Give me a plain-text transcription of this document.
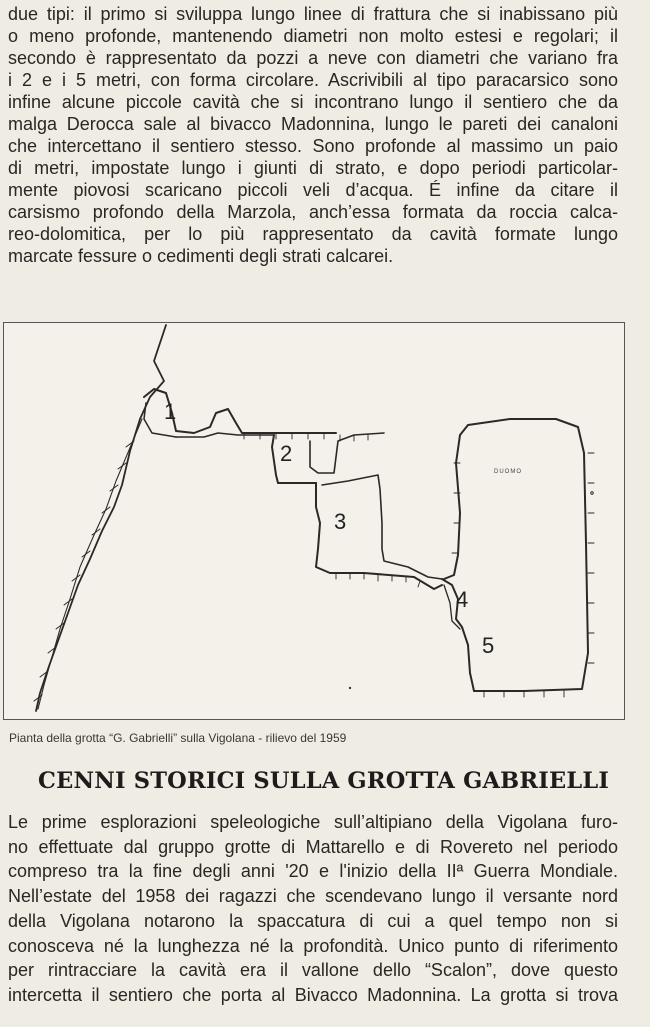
due tipi: il primo si sviluppa lungo linee di frattura che si inabissano più
o meno profonde, mantenendo diametri non molto estesi e regolari; il
secondo è rappresentato da pozzi a neve con diametri che variano fra
i 2 e i 5 metri, con forma circolare. Ascrivibili al tipo paracarsico sono
infine alcune piccole cavità che si incontrano lungo il sentiero che da
malga Derocca sale al bivacco Madonnina, lungo le pareti dei canaloni
che intercettano il sentiero stesso. Sono profonde al massimo un paio
di metri, impostate lungo i giunti di strato, e dopo periodi particolar-
mente piovosi scaricano piccoli veli d’acqua. É infine da citare il
carsismo profondo della Marzola, anch’essa formata da roccia calca-
reo-dolomitica, per lo più rappresentato da cavità formate lungo
marcate fessure o cedimenti degli strati calcarei.

1
2
3
4
5
DUOMO
Pianta della grotta “G. Gabrielli” sulla Vigolana - rilievo del 1959
CENNI STORICI SULLA GROTTA GABRIELLI

Le prime esplorazioni speleologiche sull’altipiano della Vigolana furo-
no effettuate dal gruppo grotte di Mattarello e di Rovereto nel periodo
compreso tra la fine degli anni '20 e l'inizio della IIª Guerra Mondiale.
Nell’estate del 1958 dei ragazzi che scendevano lungo il versante nord
della Vigolana notarono la spaccatura di cui a quel tempo non si
conosceva né la lunghezza né la profondità. Unico punto di riferimento
per rintracciare la cavità era il vallone dello “Scalon”, dove questo
intercetta il sentiero che porta al Bivacco Madonnina. La grotta si trova
